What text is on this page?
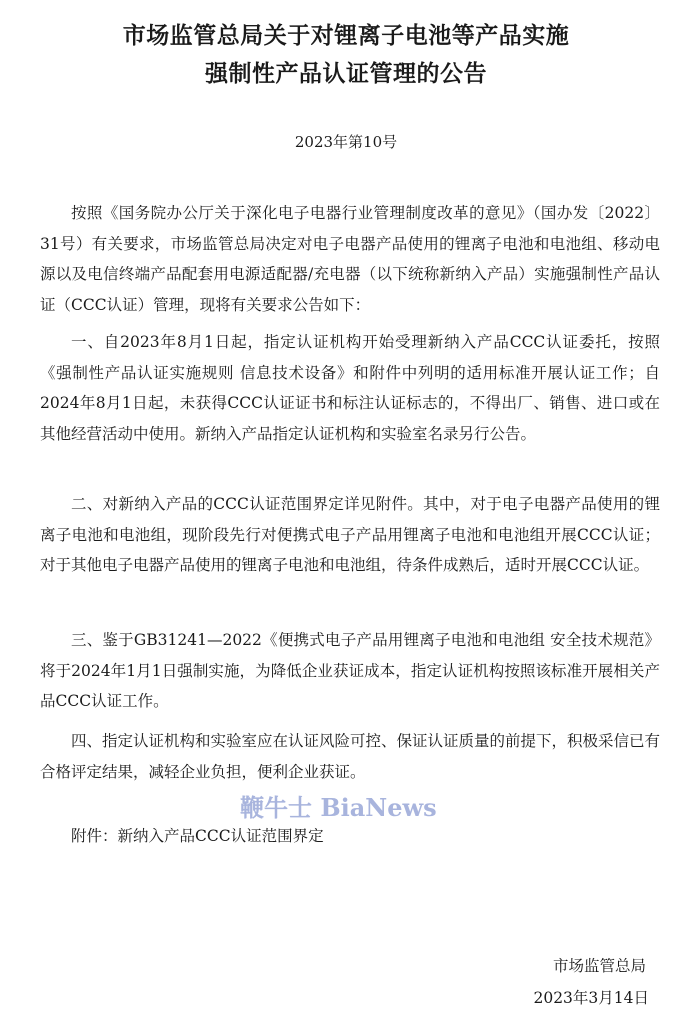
市场监管总局关于对锂离子电池等产品实施
强制性产品认证管理的公告
2023年第10号

按照《国务院办公厅关于深化电子电器行业管理制度改革的意见》（国办发〔2022〕31号）有关要求，市场监管总局决定对电子电器产品使用的锂离子电池和电池组、移动电源以及电信终端产品配套用电源适配器/充电器（以下统称新纳入产品）实施强制性产品认证（CCC认证）管理，现将有关要求公告如下：

一、自2023年8月1日起，指定认证机构开始受理新纳入产品CCC认证委托，按照《强制性产品认证实施规则 信息技术设备》和附件中列明的适用标准开展认证工作；自2024年8月1日起，未获得CCC认证证书和标注认证标志的，不得出厂、销售、进口或在其他经营活动中使用。新纳入产品指定认证机构和实验室名录另行公告。

二、对新纳入产品的CCC认证范围界定详见附件。其中，对于电子电器产品使用的锂离子电池和电池组，现阶段先行对便携式电子产品用锂离子电池和电池组开展CCC认证；对于其他电子电器产品使用的锂离子电池和电池组，待条件成熟后，适时开展CCC认证。

三、鉴于GB31241—2022《便携式电子产品用锂离子电池和电池组 安全技术规范》将于2024年1月1日强制实施，为降低企业获证成本，指定认证机构按照该标准开展相关产品CCC认证工作。

四、指定认证机构和实验室应在认证风险可控、保证认证质量的前提下，积极采信已有合格评定结果，减轻企业负担，便利企业获证。

鞭牛士 BiaNews
附件：新纳入产品CCC认证范围界定
市场监管总局
2023年3月14日
